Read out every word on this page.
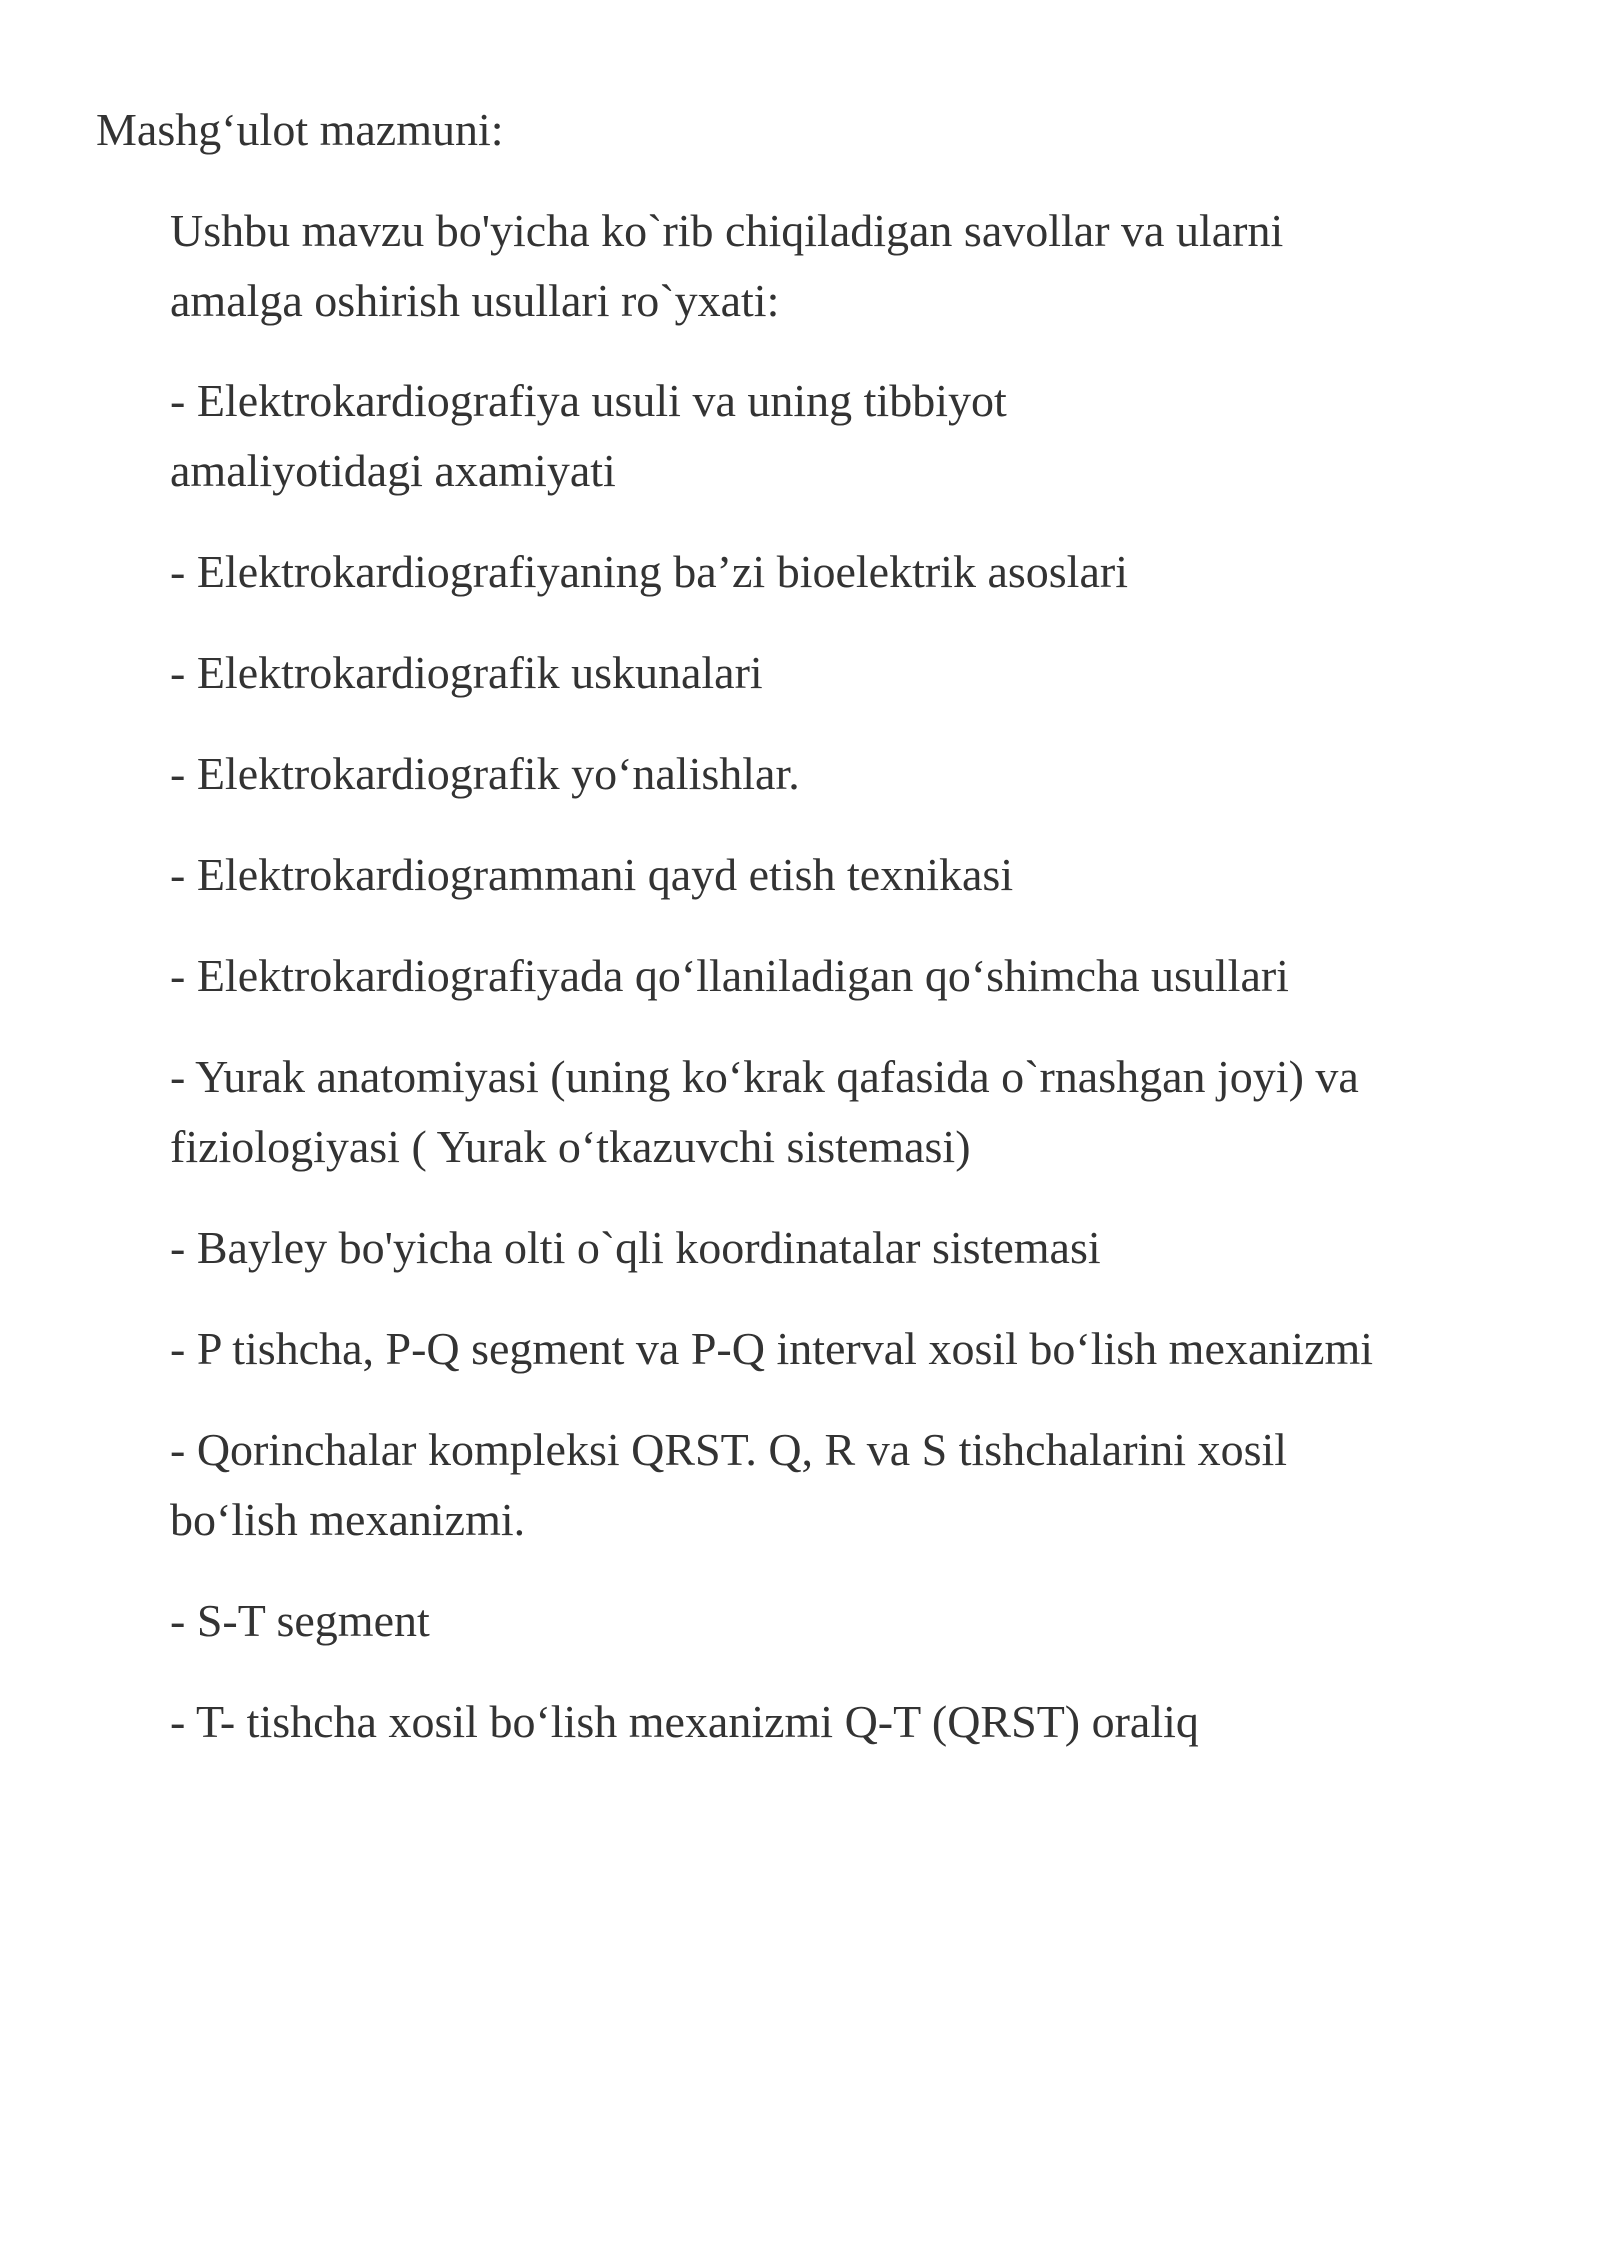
Mashg‘ulot mazmuni:

Ushbu mavzu bo'yicha ko`rib chiqiladigan savollar va ularni amalga oshirish usullari ro`yxati:

- Elektrokardiografiya usuli va uning tibbiyot amaliyotidagi axamiyati
- Elektrokardiografiyaning ba’zi bioelektrik asoslari
- Elektrokardiografik uskunalari
- Elektrokardiografik yo‘nalishlar.
- Elektrokardiogrammani qayd etish texnikasi
- Elektrokardiografiyada qo‘llaniladigan qo‘shimcha usullari
- Yurak anatomiyasi (uning ko‘krak qafasida o`rnashgan joyi) va fiziologiyasi ( Yurak o‘tkazuvchi sistemasi)
- Bayley bo'yicha olti o`qli koordinatalar sistemasi
- P tishcha, P-Q segment va P-Q interval xosil bo‘lish mexanizmi
- Qorinchalar kompleksi QRST. Q, R va S tishchalarini xosil bo‘lish mexanizmi.
- S-T segment
- T- tishcha xosil bo‘lish mexanizmi Q-T (QRST) oraliq
